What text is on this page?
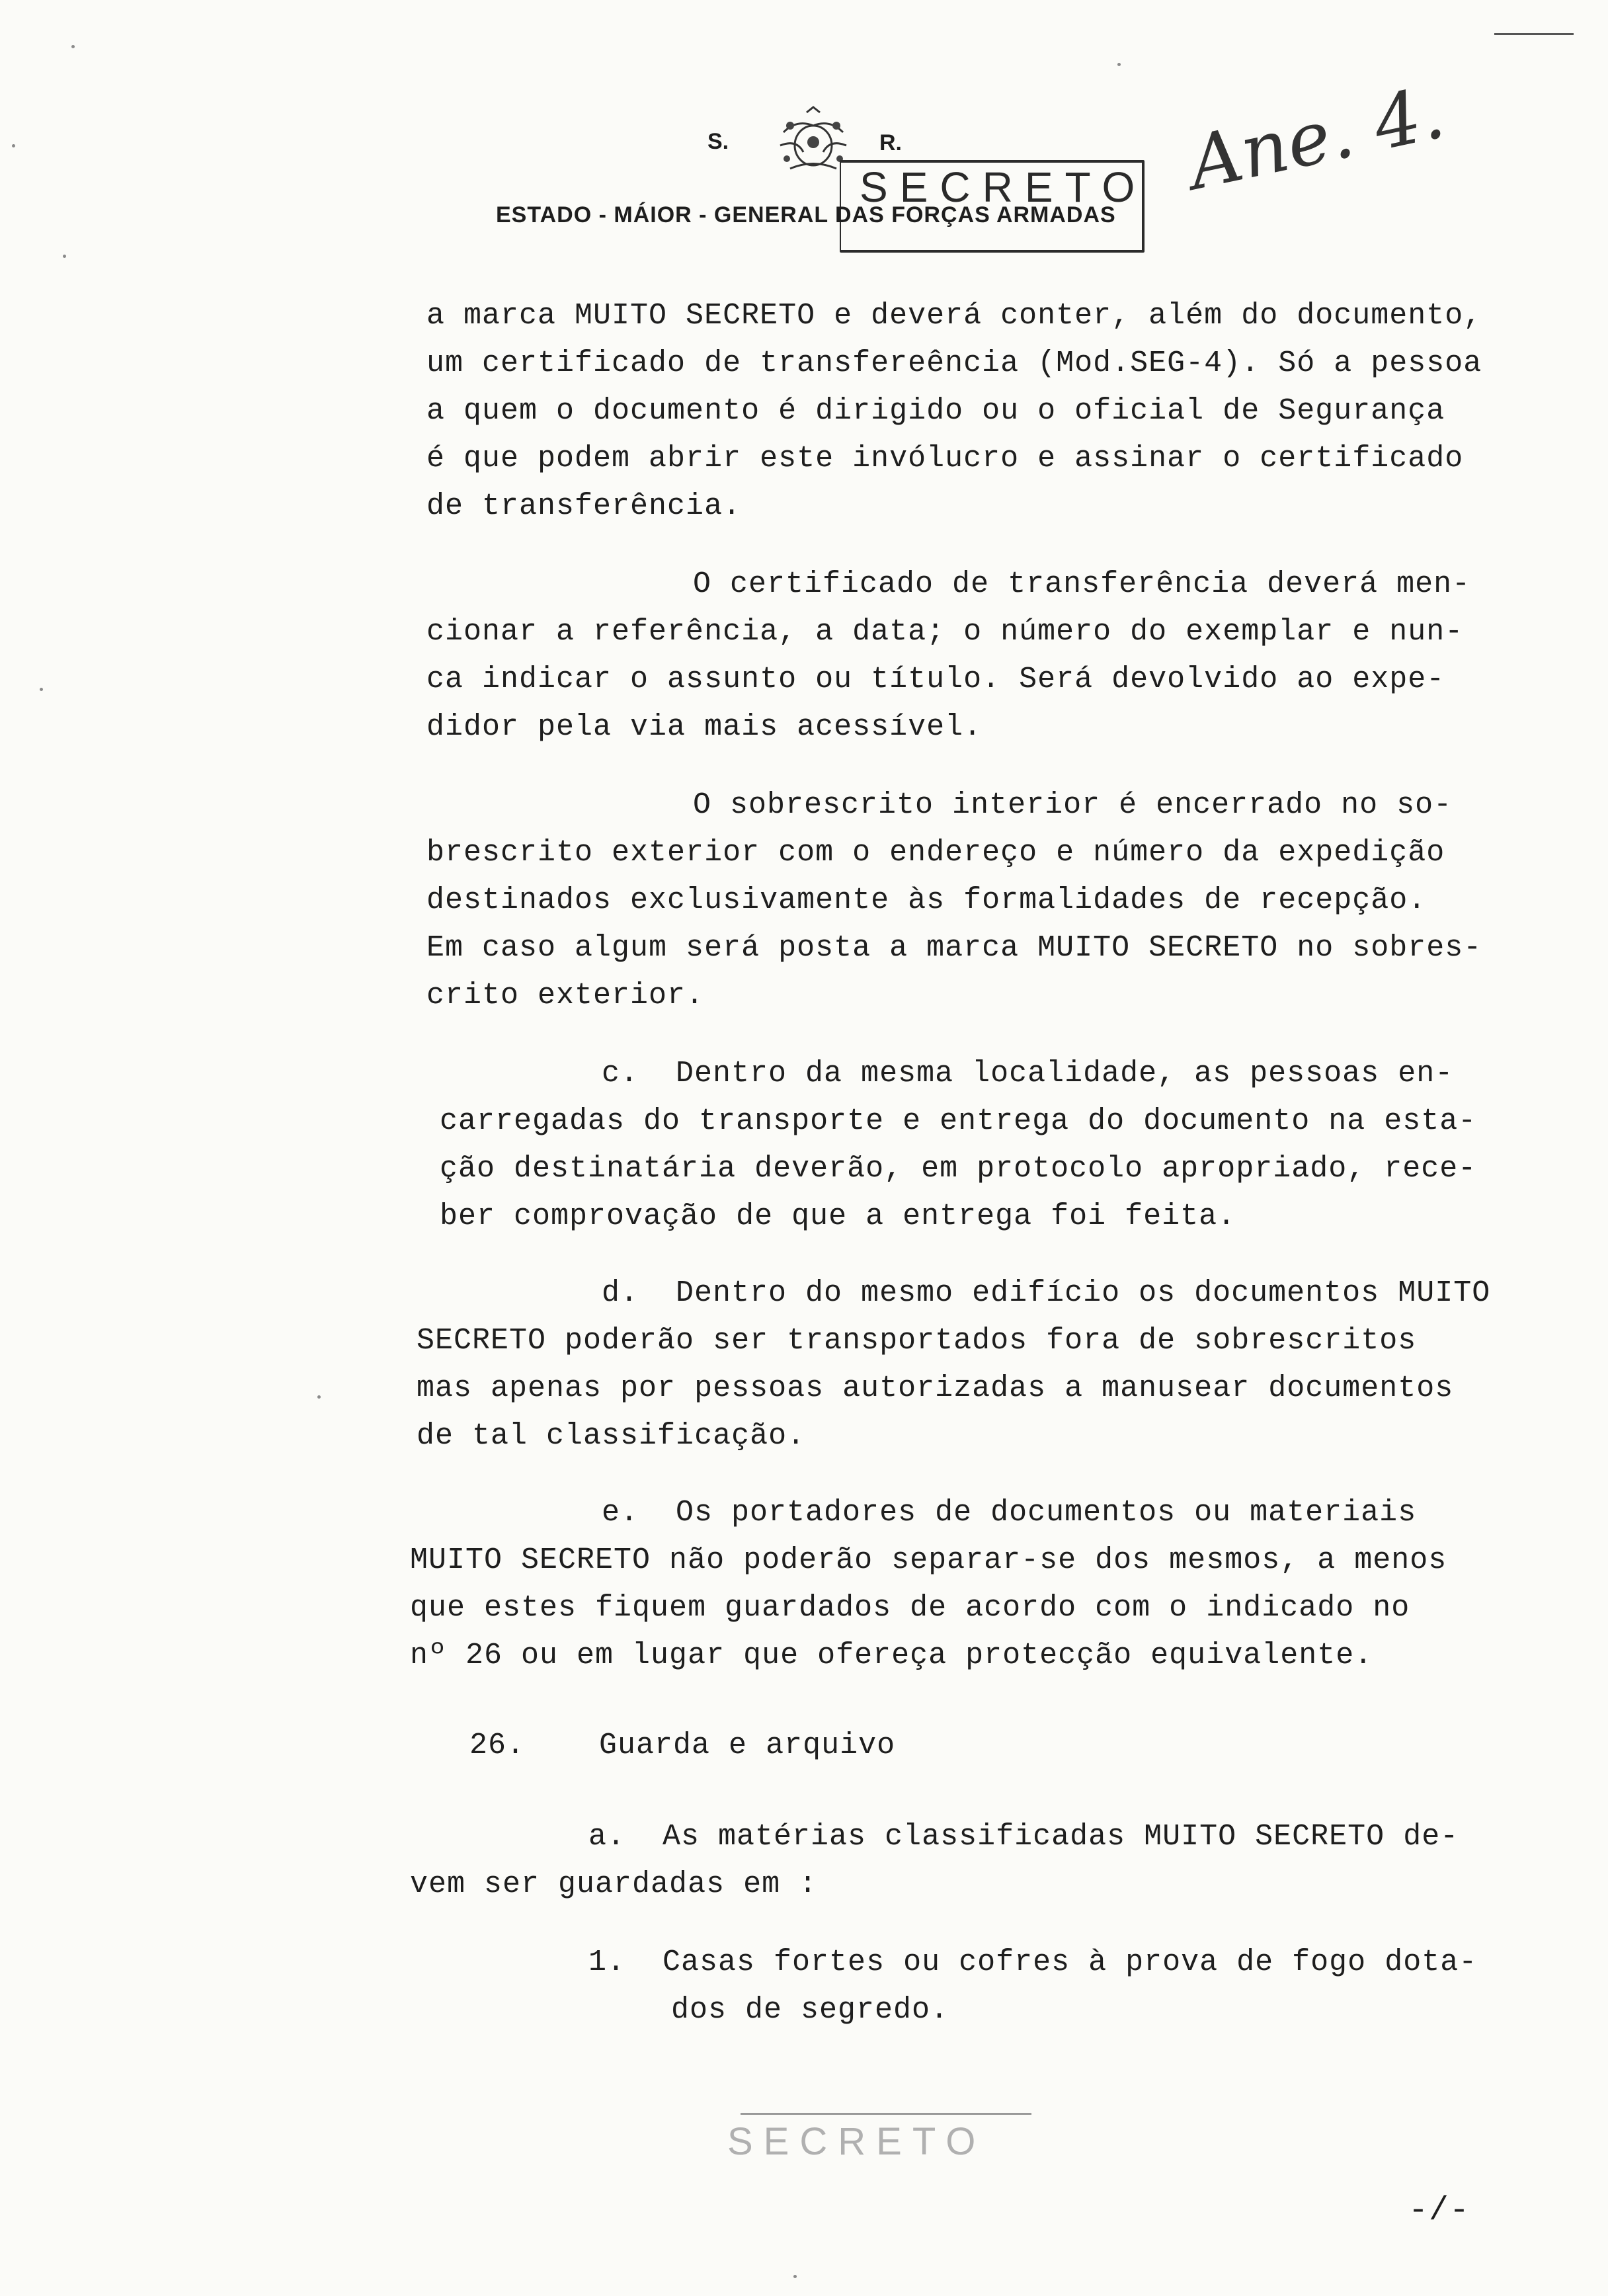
S.	R.
SECRETO
ESTADO - MÁIOR - GENERAL DAS FORÇAS ARMADAS
Ane. 4.
a marca MUITO SECRETO e deverá conter, além do documento,
um certificado de transfereência (Mod.SEG-4). Só a pessoa
a quem o documento é dirigido ou o oficial de Segurança
é que podem abrir este invólucro e assinar o certificado
de transferência.
O certificado de transferência deverá men-
cionar a referência, a data; o número do exemplar e nun-
ca indicar o assunto ou título. Será devolvido ao expe-
didor pela via mais acessível.
O sobrescrito interior é encerrado no so-
brescrito exterior com o endereço e número da expedição
destinados exclusivamente às formalidades de recepção.
Em caso algum será posta a marca MUITO SECRETO no sobres-
crito exterior.
c.  Dentro da mesma localidade, as pessoas en-
carregadas do transporte e entrega do documento na esta-
ção destinatária deverão, em protocolo apropriado, rece-
ber comprovação de que a entrega foi feita.
d.  Dentro do mesmo edifício os documentos MUITO
SECRETO poderão ser transportados fora de sobrescritos
mas apenas por pessoas autorizadas a manusear documentos
de tal classificação.
e.  Os portadores de documentos ou materiais
MUITO SECRETO não poderão separar-se dos mesmos, a menos
que estes fiquem guardados de acordo com o indicado no
nº 26 ou em lugar que ofereça protecção equivalente.
26.    Guarda e arquivo
a.  As matérias classificadas MUITO SECRETO de-
vem ser guardadas em :
1.  Casas fortes ou cofres à prova de fogo dota-
dos de segredo.
SECRETO
-/-
